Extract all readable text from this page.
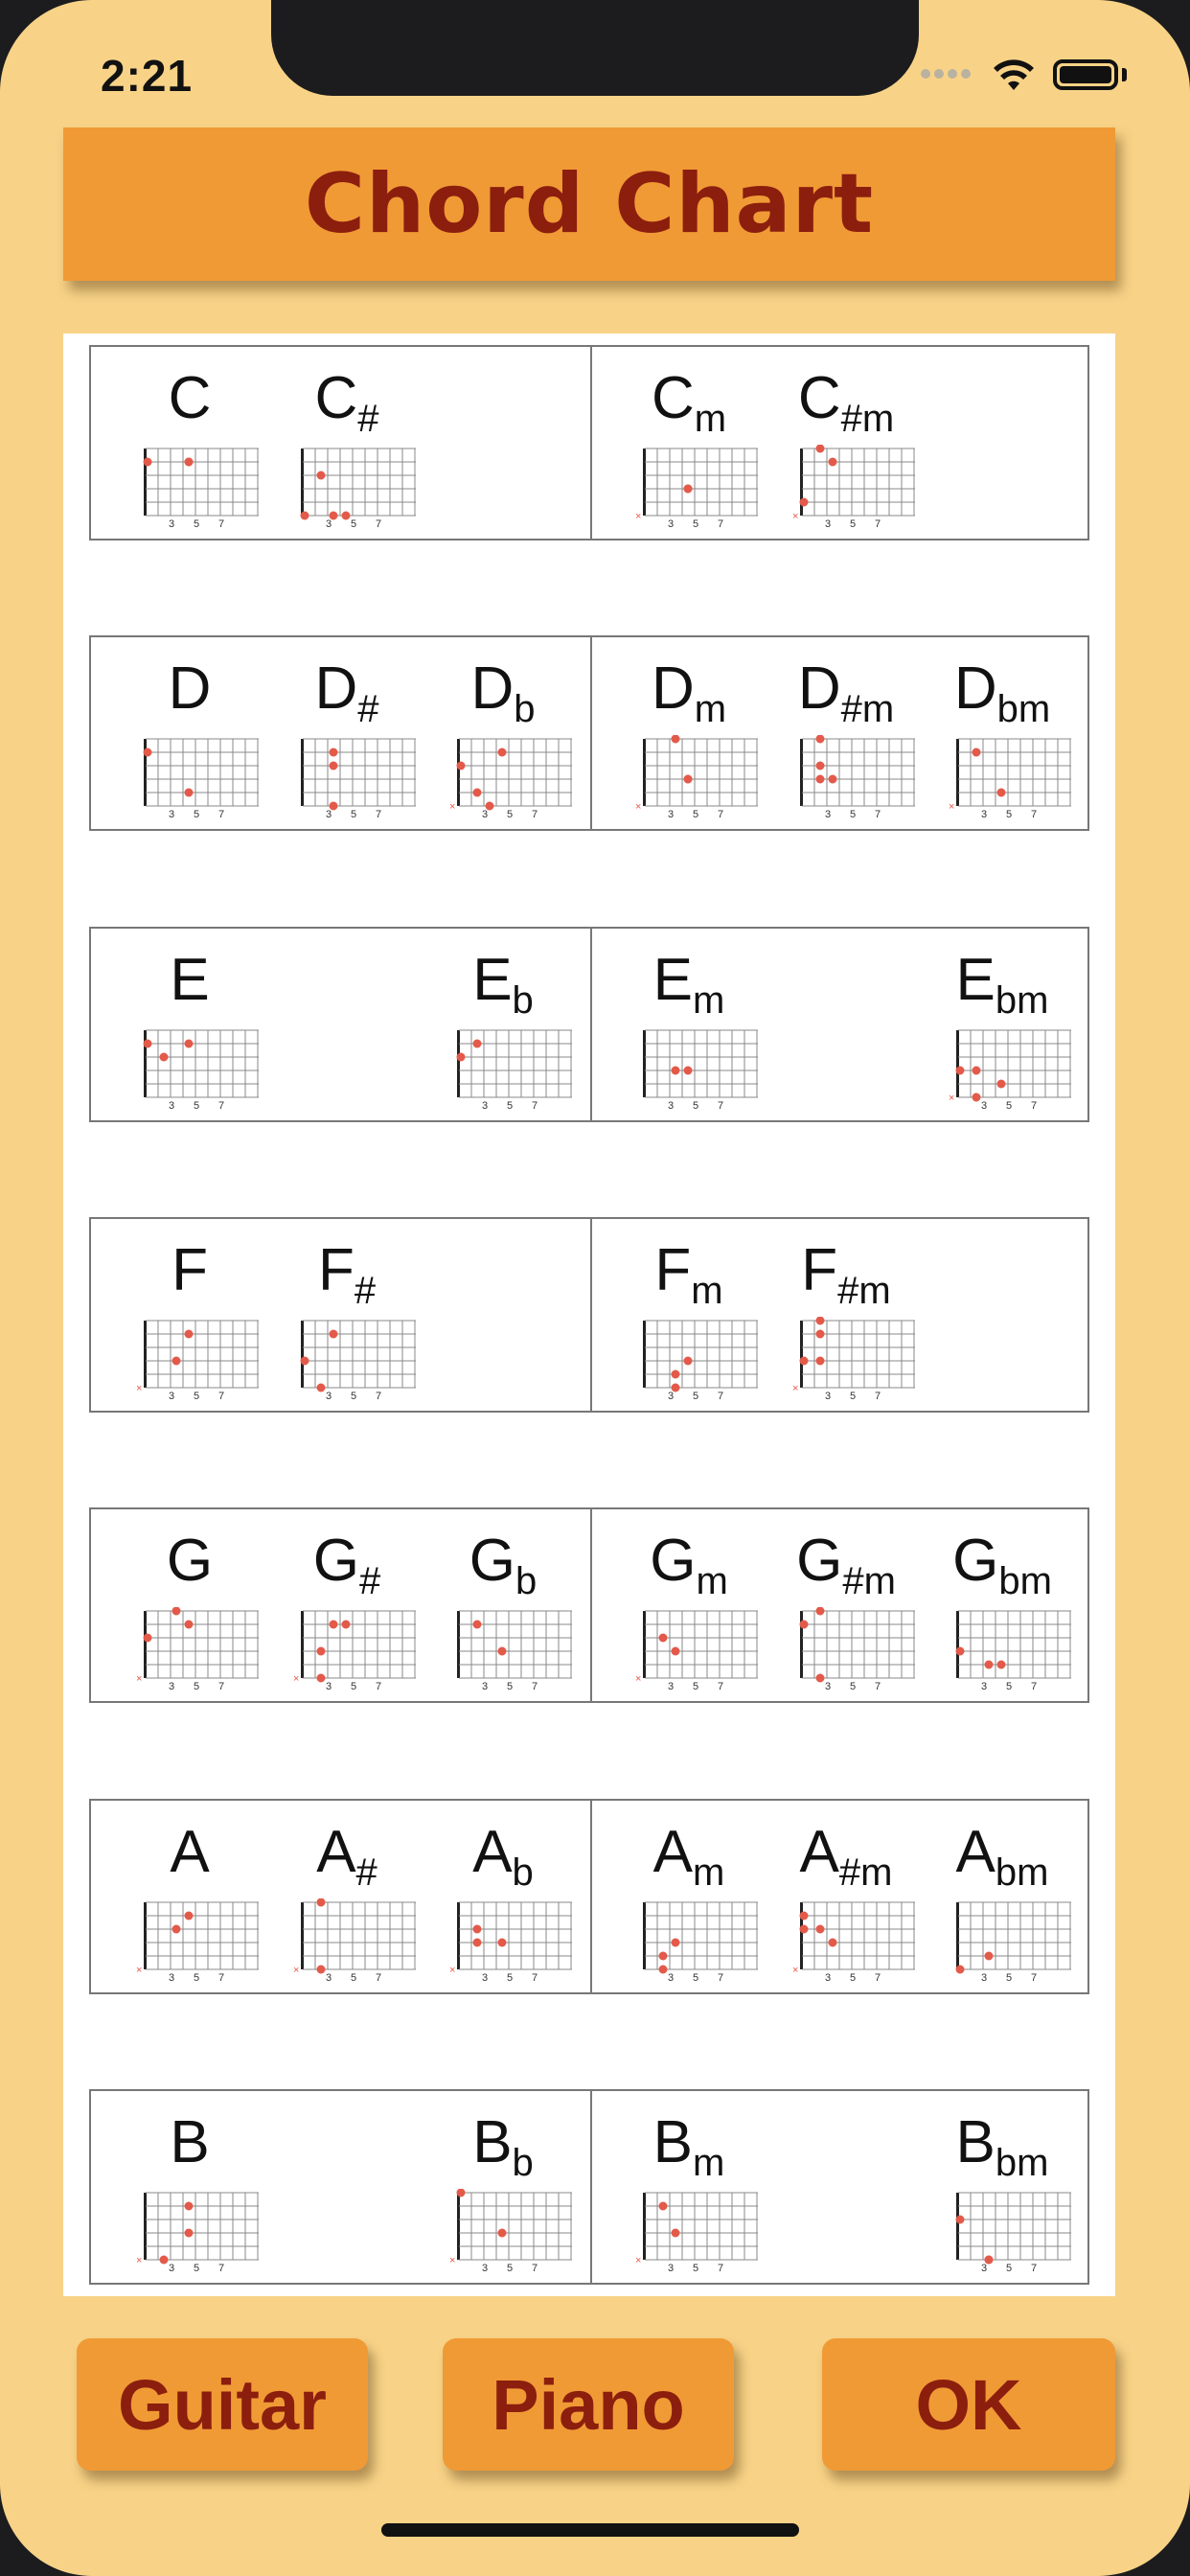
2:21
Chord Chart
C
3 5 7
$C_{\#}$
3 5 7
$C_m$
3 5 7
×
$C_{\#m}$
3 5 7
×
D
3 5 7
$D_{\#}$
3 5 7
$D_b$
3 5 7
×
$D_m$
3 5 7
×
$D_{\#m}$
3 5 7
$D_{bm}$
3 5 7
×
E
3 5 7
$E_b$
3 5 7
$E_m$
3 5 7
$E_{bm}$
3 5 7
×
F
3 5 7
×
$F_{\#}$
3 5 7
$F_m$
3 5 7
$F_{\#m}$
3 5 7
×
G
3 5 7
×
$G_{\#}$
3 5 7
×
$G_b$
3 5 7
$G_m$
3 5 7
×
$G_{\#m}$
3 5 7
$G_{bm}$
3 5 7
A
3 5 7
×
$A_{\#}$
3 5 7
×
$A_b$
3 5 7
×
$A_m$
3 5 7
$A_{\#m}$
3 5 7
×
$A_{bm}$
3 5 7
B
3 5 7
×
$B_b$
3 5 7
×
$B_m$
3 5 7
×
$B_{bm}$
3 5 7
Guitar	Piano	OK
